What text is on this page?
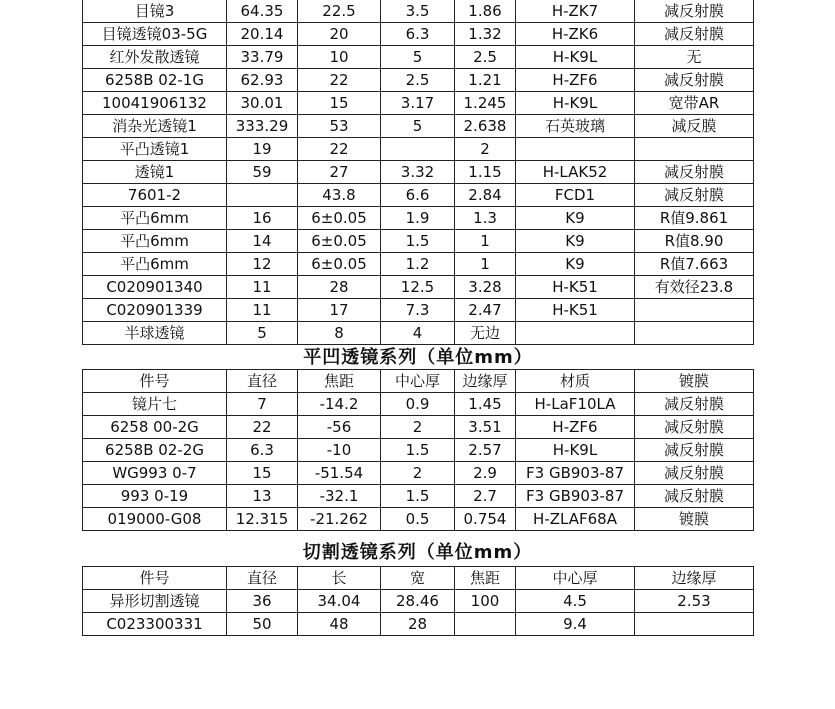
目镜3	64.35	22.5	3.5	1.86	H-ZK7	减反射膜
目镜透镜03-5G	20.14	20	6.3	1.32	H-ZK6	减反射膜
红外发散透镜	33.79	10	5	2.5	H-K9L	无
6258B 02-1G	62.93	22	2.5	1.21	H-ZF6	减反射膜
10041906132	30.01	15	3.17	1.245	H-K9L	宽带AR
消杂光透镜1	333.29	53	5	2.638	石英玻璃	减反膜
平凸透镜1	19	22		2		
透镜1	59	27	3.32	1.15	H-LAK52	减反射膜
7601-2		43.8	6.6	2.84	FCD1	减反射膜
平凸6mm	16	6±0.05	1.9	1.3	K9	R值9.861
平凸6mm	14	6±0.05	1.5	1	K9	R值8.90
平凸6mm	12	6±0.05	1.2	1	K9	R值7.663
C020901340	11	28	12.5	3.28	H-K51	有效径23.8
C020901339	11	17	7.3	2.47	H-K51	
半球透镜	5	8	4	无边		
平凹透镜系列（单位mm）						
件号	直径	焦距	中心厚	边缘厚	材质	镀膜
镜片七	7	-14.2	0.9	1.45	H-LaF10LA	减反射膜
6258 00-2G	22	-56	2	3.51	H-ZF6	减反射膜
6258B 02-2G	6.3	-10	1.5	2.57	H-K9L	减反射膜
WG993 0-7	15	-51.54	2	2.9	F3 GB903-87	减反射膜
993 0-19	13	-32.1	1.5	2.7	F3 GB903-87	减反射膜
019000-G08	12.315	-21.262	0.5	0.754	H-ZLAF68A	镀膜
切割透镜系列（单位mm）
件号	直径	长	宽	焦距	中心厚	边缘厚
异形切割透镜	36	34.04	28.46	100	4.5	2.53
C023300331	50	48	28		9.4	
